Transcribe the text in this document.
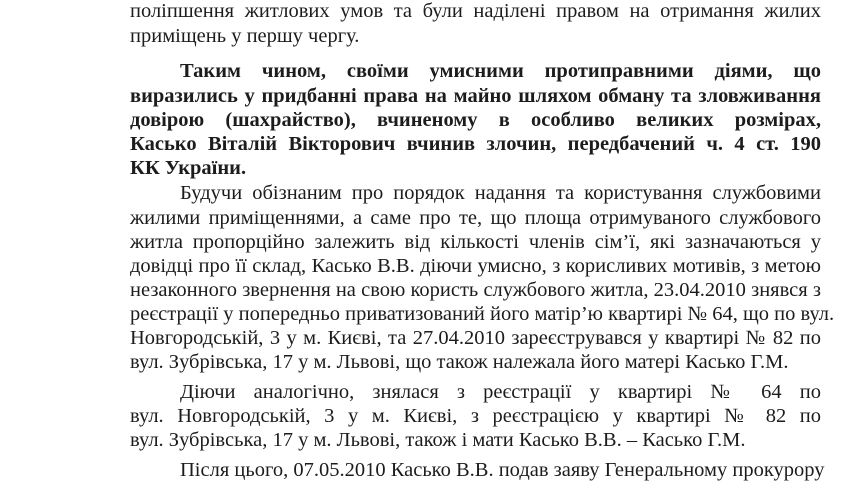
поліпшення житлових умов та були наділені правом на отримання жилих
приміщень у першу чергу.
Таким чином, своїми умисними протиправними діями, що
виразились у придбанні права на майно шляхом обману та зловживання
довірою (шахрайство), вчиненому в особливо великих розмірах,
Касько Віталій Вікторович вчинив злочин, передбачений ч. 4 ст. 190
КК України.
Будучи обізнаним про порядок надання та користування службовими
жилими приміщеннями, а саме про те, що площа отримуваного службового
житла пропорційно залежить від кількості членів сім’ї, які зазначаються у
довідці про її склад, Касько В.В. діючи умисно, з корисливих мотивів, з метою
незаконного звернення на свою користь службового житла, 23.04.2010 знявся з
реєстрації у попередньо приватизований його матір’ю квартирі № 64, що по вул.
Новгородській, 3 у м. Києві, та 27.04.2010 зареєструвався у квартирі № 82 по
вул. Зубрівська, 17 у м. Львові, що також належала його матері Касько Г.М.
Діючи аналогічно, знялася з реєстрації у квартирі № 64 по
вул. Новгородській, 3 у м. Києві, з реєстрацією у квартирі № 82 по
вул. Зубрівська, 17 у м. Львові, також і мати Касько В.В. – Касько Г.М.
Після цього, 07.05.2010 Касько В.В. подав заяву Генеральному прокурору
